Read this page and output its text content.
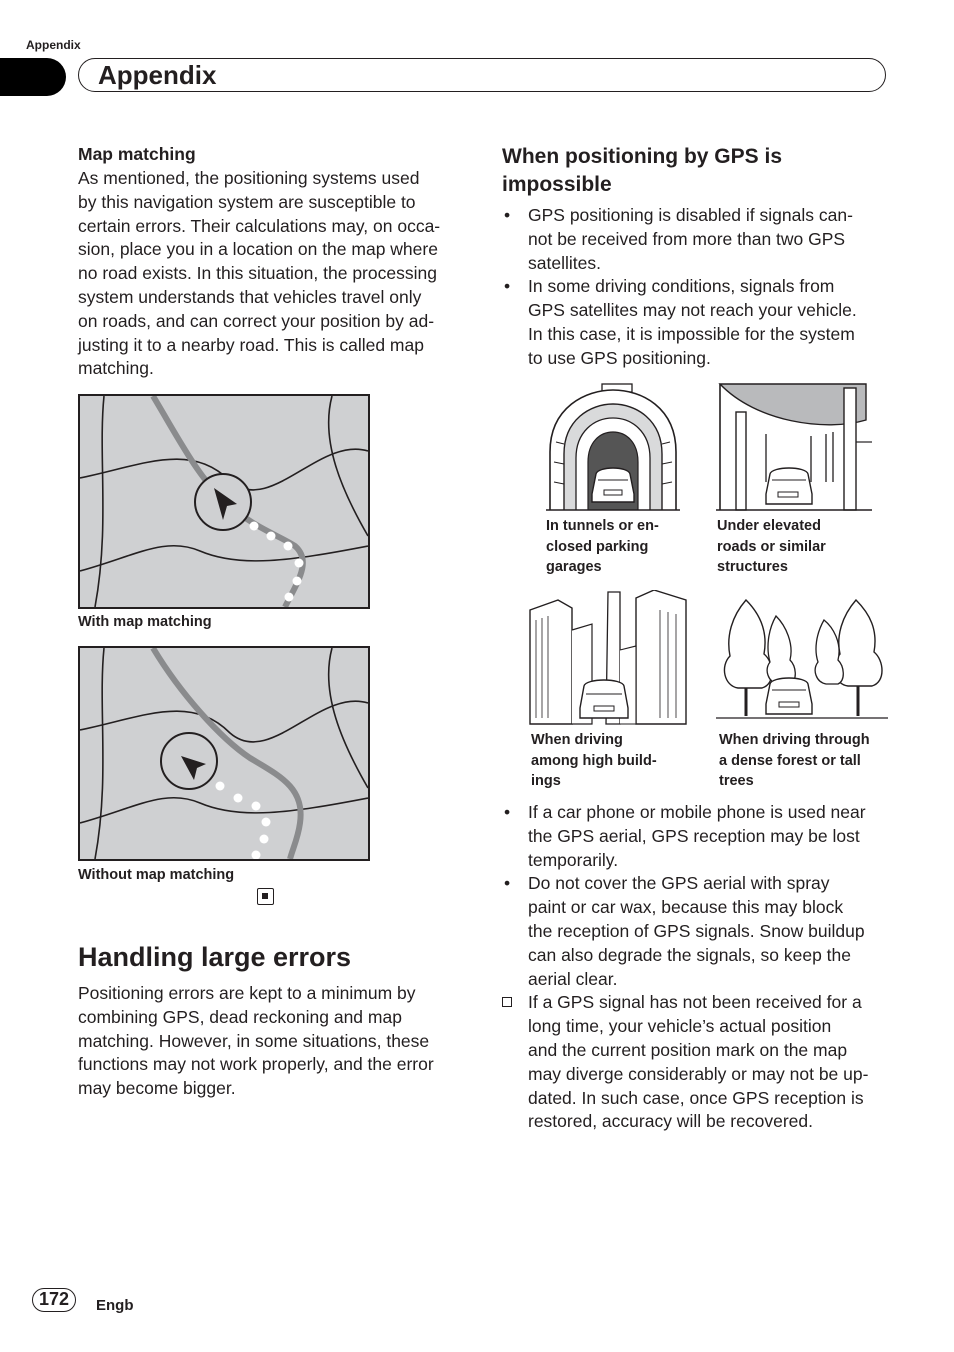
Appendix
Appendix
Map matching
As mentioned, the positioning systems used
by this navigation system are susceptible to
certain errors. Their calculations may, on occa-
sion, place you in a location on the map where
no road exists. In this situation, the processing
system understands that vehicles travel only
on roads, and can correct your position by ad-
justing it to a nearby road. This is called map
matching.
With map matching
Without map matching
Handling large errors
Positioning errors are kept to a minimum by
combining GPS, dead reckoning and map
matching. However, in some situations, these
functions may not work properly, and the error
may become bigger.
When positioning by GPS is
impossible
• GPS positioning is disabled if signals can-
not be received from more than two GPS
satellites.
• In some driving conditions, signals from
GPS satellites may not reach your vehicle.
In this case, it is impossible for the system
to use GPS positioning.
In tunnels or en-
closed parking
garages
Under elevated
roads or similar
structures
When driving
among high build-
ings
When driving through
a dense forest or tall
trees
• If a car phone or mobile phone is used near
the GPS aerial, GPS reception may be lost
temporarily.
• Do not cover the GPS aerial with spray
paint or car wax, because this may block
the reception of GPS signals. Snow buildup
can also degrade the signals, so keep the
aerial clear.
If a GPS signal has not been received for a
long time, your vehicle’s actual position
and the current position mark on the map
may diverge considerably or may not be up-
dated. In such case, once GPS reception is
restored, accuracy will be recovered.
172	Engb
